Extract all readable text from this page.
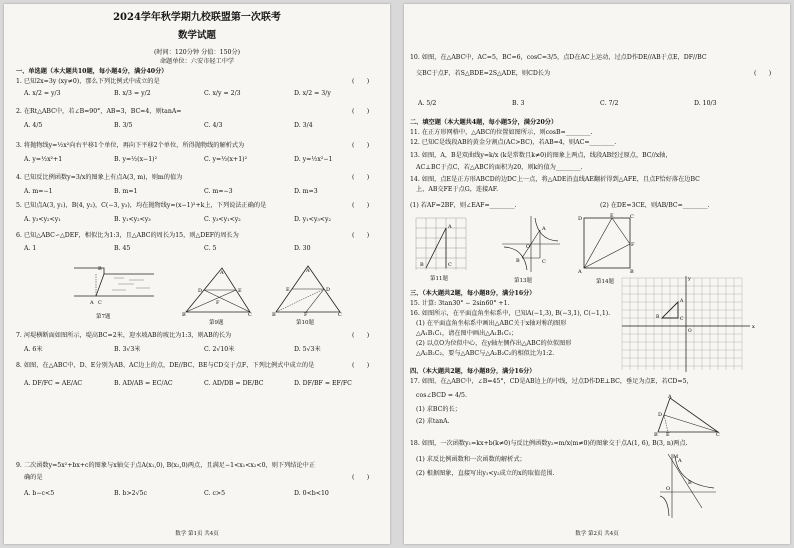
2024学年秋学期九校联盟第一次联考
数学试题
(时间：120分钟 分值：150分)
命题单位：六安市轻工中学
一、单选题（本大题共10题，每小题4分，满分40分）
1. 已知2x=3y (xy≠0)，那么下列比例式中成立的是	(　　)
A. x/2 = y/3	B. x/3 = y/2	C. x/y = 2/3	D. x/2 = 3/y
2. 在Rt△ABC中，若∠B=90°，AB=3，BC=4，则tanA=	(　　)
A. 4/5	B. 3/5	C. 4/3	D. 3/4
3. 将抛物线y=½x²向右平移1个单位，再向下平移2个单位，所得抛物线的解析式为	(　　)
A. y=½x²+1	B. y=½(x−1)²	C. y=½(x+1)²	D. y=½x²−1
4. 已知反比例函数y=3/x的图象上有点A(3, m)，则m的值为	(　　)
A. m=−1	B. m=1	C. m=−3	D. m=3
5. 已知点A(3, y₁)，B(4, y₂)，C(−3, y₃)，均在抛物线y=(x−1)²+k上，下列说法正确的是	(　　)
A. y₃<y₂<y₁	B. y₁<y₂<y₃	C. y₃<y₁<y₂	D. y₁<y₃<y₂
6. 已知△ABC∽△DEF，相似比为1:3，且△ABC的周长为15，则△DEF的周长为	(　　)
A. 1	B. 45	C. 5	D. 30
B
A C
第7题
A
B	C
D	E
F
第9题
A
B	C
E	D
F
第10题
7. 河堤横断面如图所示，堤高BC=2米，迎水坡AB的坡比为1:3，则AB的长为	(　　)
A. 6米	B. 3√3米	C. 2√10米	D. 5√3米
8. 如图，在△ABC中，D、E分别为AB、AC边上的点，DE//BC，BE与CD交于点F，下列比例式中成立的是	(　　)
A. DF/FC = AE/AC	B. AD/AB = EC/AC	C. AD/DB = DE/BC	D. DF/BF = EF/FC
9. 二次函数y=5x²+bx+c的图象与x轴交于点A(x₁,0), B(x₂,0)两点，且满足−1<x₁<x₂<0，则下列结论中正
确的是	(　　)
A. b−c<5	B. b>2√5c	C. c>5	D. 0<b<10
数学 第1页 共4页
10. 如图，在△ABC中，AC=5，BC=6，cosC=3/5，点D在AC上运动，过点D作DE//AB于点E，DF//BC
交BC于点F，若S△BDE=2S△ADE，则CD长为	(　　)
A. 5/2	B. 3	C. 7/2	D. 10/3
二、填空题（本大题共4题，每小题5分，满分20分）
11. 在正方形网格中，△ABC的位置如图所示，则cosB=________.
12. 已知C是线段AB的黄金分割点(AC>BC)，若AB=4，则AC=________.
13. 如图，A，B是双曲线y=k/x (k是常数且k≠0)的图象上两点，线段AB经过原点，BC//x轴，
AC⊥BC于点C，若△ABC的面积为20，则k的值为________.
14. 如图，点E是正方形ABCD的边DC上一点，将△ADE沿直线AE翻折得到△AFE，且点F恰好落在边BC
上，AB交FE于点G，连接AF.
(1) 若AF=2BF，则∠EAF=________.	(2) 在DE=3CE，则AB/BC=________.
B
A
C
第11题
A
B	C
O
第13题
D	E	C
F
A	B
第14题
x
y
A
B	C
O
三、（本大题共2题，每小题8分，满分16分）
15. 计算: 3tan30° − 2sin60° +1.
16. 如图所示，在平面直角坐标系中，已知A(−1,3), B(−3,1), C(−1,1).
(1) 在平面直角坐标系中画出△ABC关于x轴对称的图形
△A₁B₁C₁，请在图中画出△A₁B₁C₁；
(2) 以点O为位似中心，在y轴左侧作出△ABC的位似图形
△A₂B₂C₂，要与△ABC与△A₂B₂C₂的相似比为1:2.
四、（本大题共2题，每小题8分，满分16分）
17. 如图，在△ABC中，∠B=45°，CD是AB边上的中线，过点D作DE⊥BC，垂足为点E，若CD=5，
cos∠BCD = 4/5.
(1) 求BC的长；
(2) 求tanA.
A
B	C
D
E
18. 如图，一次函数y₁=kx+b(k≠0)与反比例函数y₂=m/x(m≠0)的图象交于点A(1, 6), B(3, n)两点.
(1) 求反比例函数和一次函数的解析式；
(2) 根据图象，直接写出y₁<y₂成立的x的取值范围.
A
B
O
M
数学 第2页 共4页
